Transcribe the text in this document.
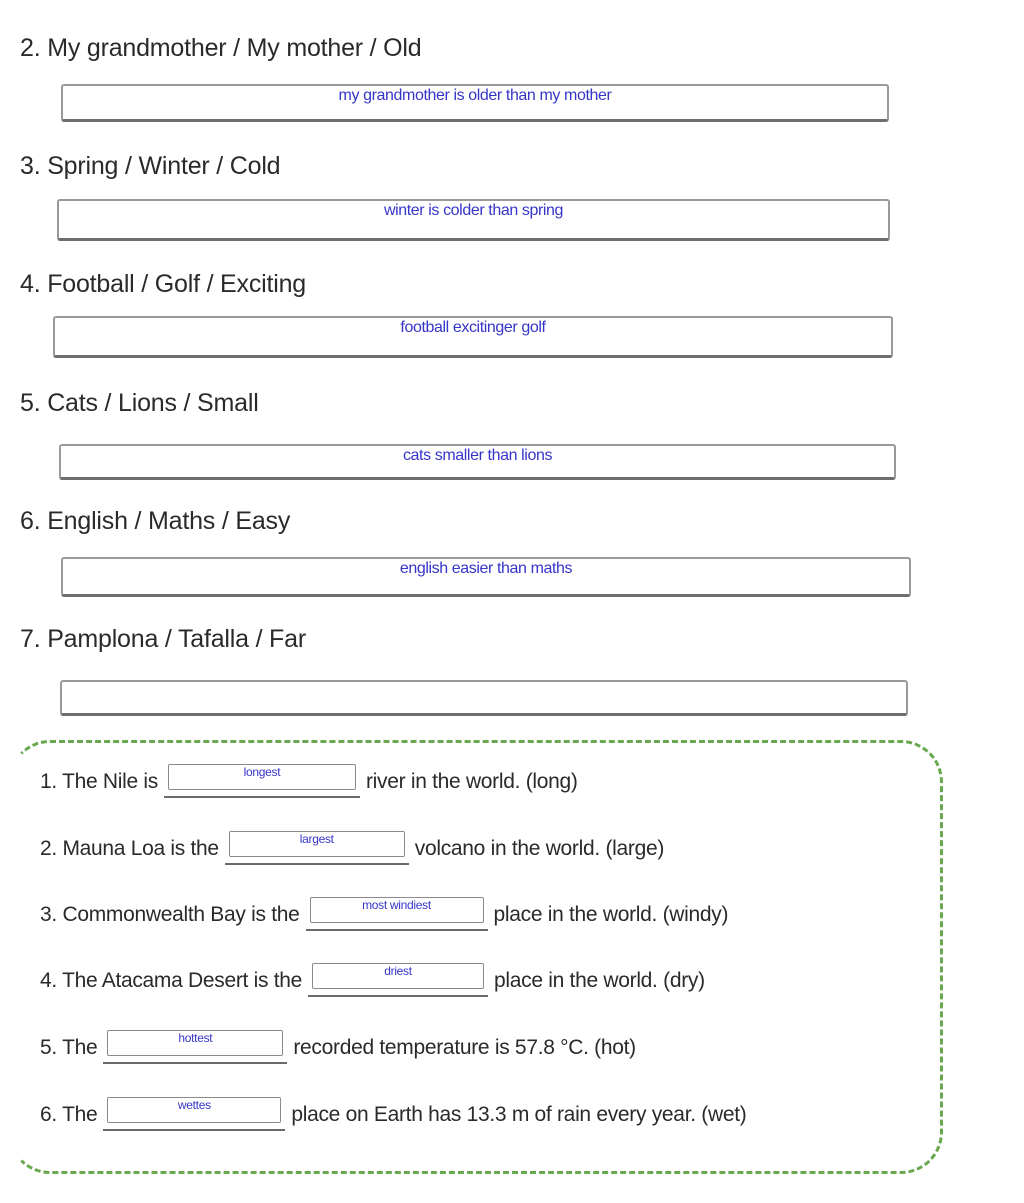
2. My grandmother / My mother / Old
my grandmother is older than my mother
3. Spring / Winter / Cold
winter is colder than spring
4. Football / Golf / Exciting
football excitinger golf
5. Cats / Lions / Small
cats smaller than lions
6. English / Maths / Easy
english easier than maths
7. Pamplona / Tafalla / Far
1. The Nile is	longest	river in the world. (long)
2. Mauna Loa is the	largest	volcano in the world. (large)
3. Commonwealth Bay is the	most windiest	place in the world. (windy)
4. The Atacama Desert is the	driest	place in the world. (dry)
5. The	hottest	recorded temperature is 57.8 °C. (hot)
6. The	wettes	place on Earth has 13.3 m of rain every year. (wet)
